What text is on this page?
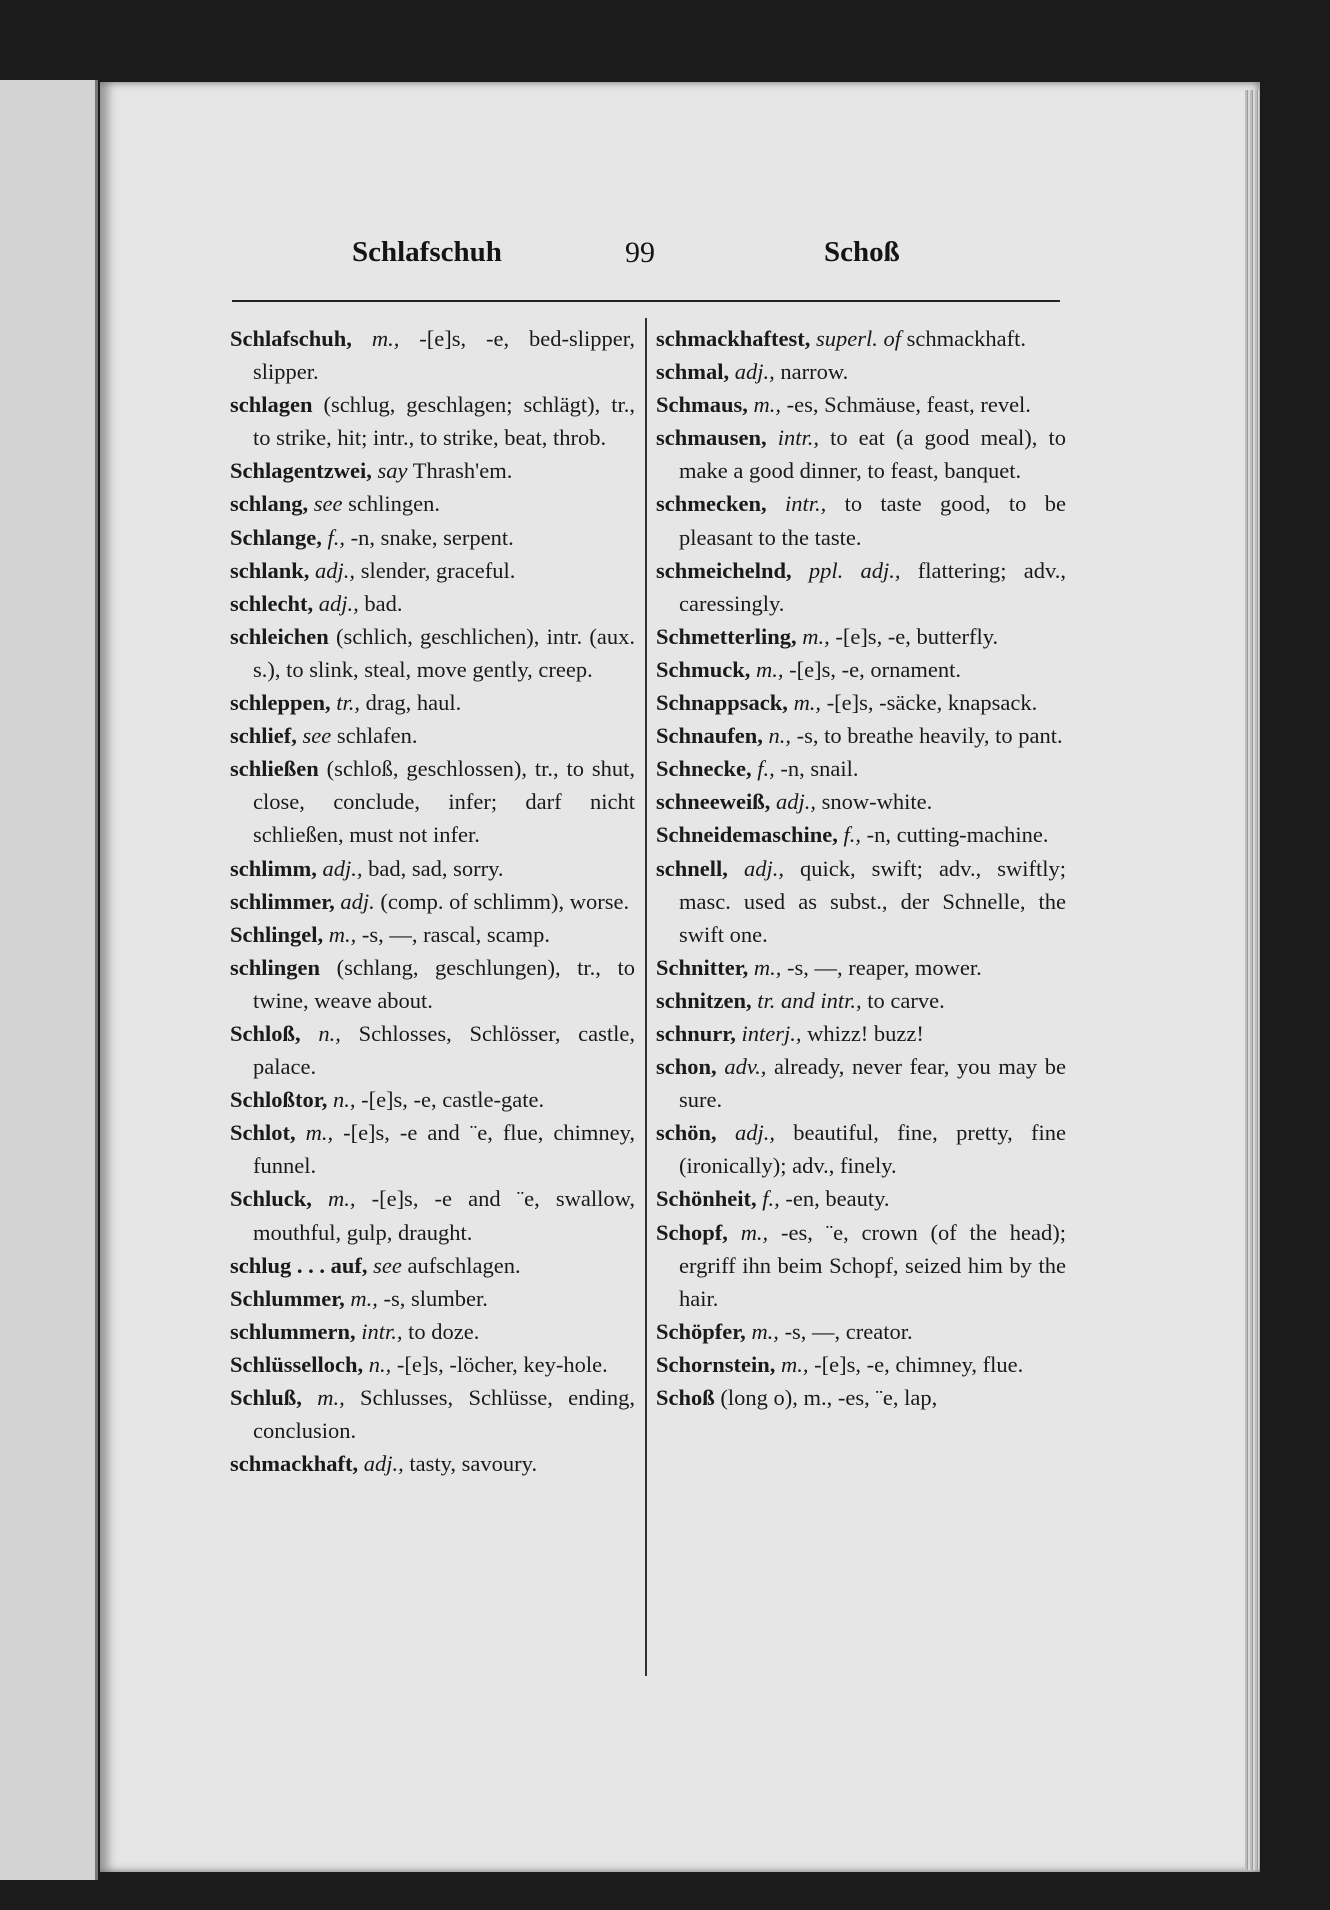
Schlafschuh	99	Schoß

Schlafschuh, m., -[e]s, -e, bed-slipper, slipper.

schlagen (schlug, geschlagen; schlägt), tr., to strike, hit; intr., to strike, beat, throb.

Schlagentzwei, say Thrash'em.

schlang, see schlingen.

Schlange, f., -n, snake, serpent.

schlank, adj., slender, graceful.

schlecht, adj., bad.

schleichen (schlich, geschlichen), intr. (aux. s.), to slink, steal, move gently, creep.

schleppen, tr., drag, haul.

schlief, see schlafen.

schließen (schloß, geschlossen), tr., to shut, close, conclude, infer; darf nicht schließen, must not infer.

schlimm, adj., bad, sad, sorry.

schlimmer, adj. (comp. of schlimm), worse.

Schlingel, m., -s, —, rascal, scamp.

schlingen (schlang, geschlungen), tr., to twine, weave about.

Schloß, n., Schlosses, Schlösser, castle, palace.

Schloßtor, n., -[e]s, -e, castle-gate.

Schlot, m., -[e]s, -e and ¨e, flue, chimney, funnel.

Schluck, m., -[e]s, -e and ¨e, swallow, mouthful, gulp, draught.

schlug . . . auf, see aufschlagen.

Schlummer, m., -s, slumber.

schlummern, intr., to doze.

Schlüsselloch, n., -[e]s, -löcher, key-hole.

Schluß, m., Schlusses, Schlüsse, ending, conclusion.

schmackhaft, adj., tasty, savoury.

schmackhaftest, superl. of schmackhaft.

schmal, adj., narrow.

Schmaus, m., -es, Schmäuse, feast, revel.

schmausen, intr., to eat (a good meal), to make a good dinner, to feast, banquet.

schmecken, intr., to taste good, to be pleasant to the taste.

schmeichelnd, ppl. adj., flattering; adv., caressingly.

Schmetterling, m., -[e]s, -e, butterfly.

Schmuck, m., -[e]s, -e, ornament.

Schnappsack, m., -[e]s, -säcke, knapsack.

Schnaufen, n., -s, to breathe heavily, to pant.

Schnecke, f., -n, snail.

schneeweiß, adj., snow-white.

Schneidemaschine, f., -n, cutting-machine.

schnell, adj., quick, swift; adv., swiftly; masc. used as subst., der Schnelle, the swift one.

Schnitter, m., -s, —, reaper, mower.

schnitzen, tr. and intr., to carve.

schnurr, interj., whizz! buzz!

schon, adv., already, never fear, you may be sure.

schön, adj., beautiful, fine, pretty, fine (ironically); adv., finely.

Schönheit, f., -en, beauty.

Schopf, m., -es, ¨e, crown (of the head); ergriff ihn beim Schopf, seized him by the hair.

Schöpfer, m., -s, —, creator.

Schornstein, m., -[e]s, -e, chimney, flue.

Schoß (long o), m., -es, ¨e, lap,
